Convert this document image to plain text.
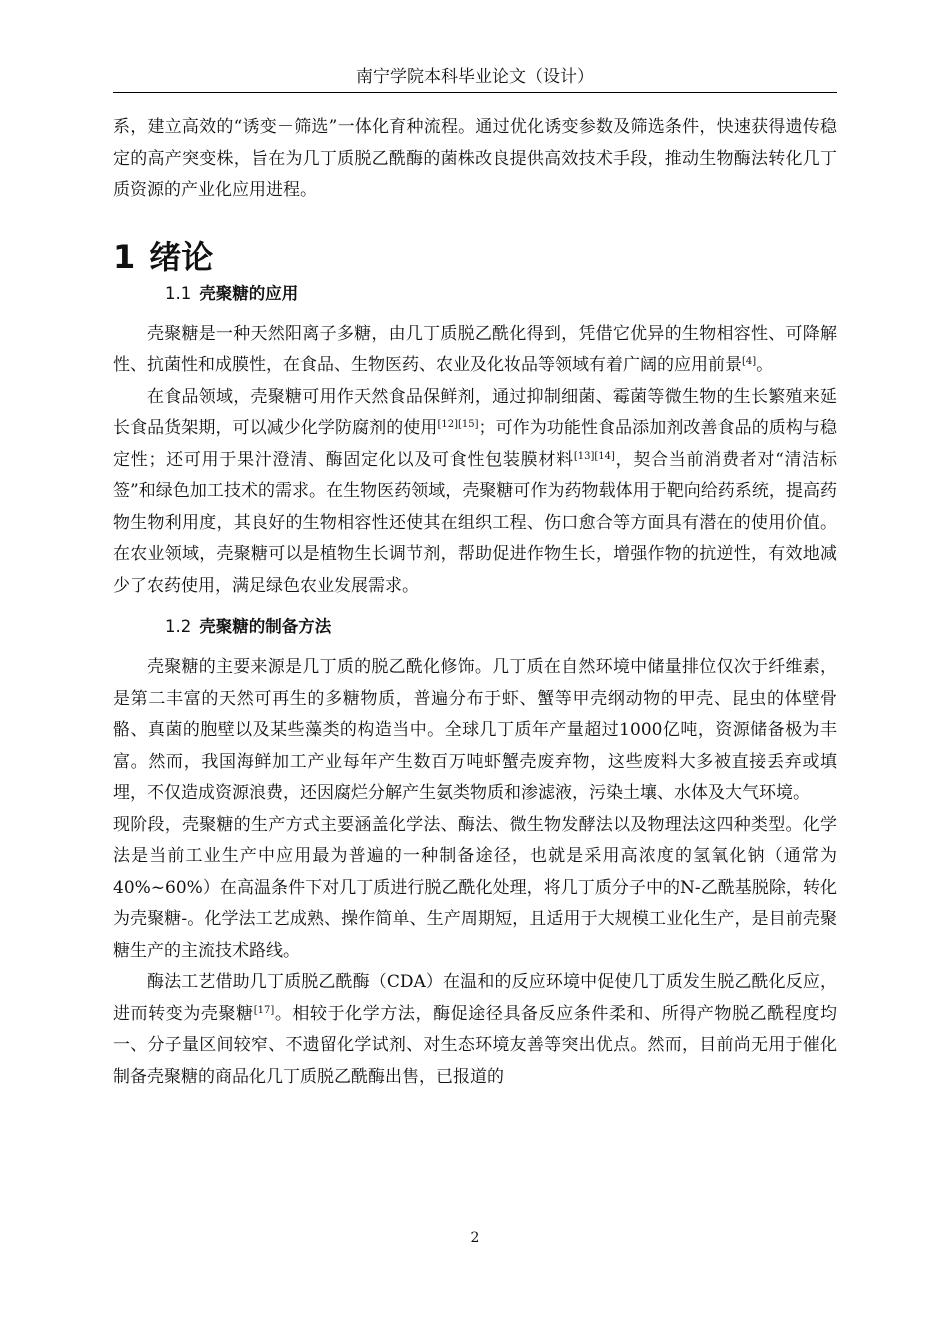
南宁学院本科毕业论文（设计）

系，建立高效的“诱变－筛选”一体化育种流程。通过优化诱变参数及筛选条件，快速获得遗传稳定的高产突变株，旨在为几丁质脱乙酰酶的菌株改良提供高效技术手段，推动生物酶法转化几丁质资源的产业化应用进程。

1 绪论
1.1 壳聚糖的应用

壳聚糖是一种天然阳离子多糖，由几丁质脱乙酰化得到，凭借它优异的生物相容性、可降解性、抗菌性和成膜性，在食品、生物医药、农业及化妆品等领域有着广阔的应用前景[4]。

在食品领域，壳聚糖可用作天然食品保鲜剂，通过抑制细菌、霉菌等微生物的生长繁殖来延长食品货架期，可以减少化学防腐剂的使用[12][15]；可作为功能性食品添加剂改善食品的质构与稳定性；还可用于果汁澄清、酶固定化以及可食性包装膜材料[13][14]，契合当前消费者对“清洁标签”和绿色加工技术的需求。在生物医药领域，壳聚糖可作为药物载体用于靶向给药系统，提高药物生物利用度，其良好的生物相容性还使其在组织工程、伤口愈合等方面具有潜在的使用价值。在农业领域，壳聚糖可以是植物生长调节剂，帮助促进作物生长，增强作物的抗逆性，有效地减少了农药使用，满足绿色农业发展需求。

1.2 壳聚糖的制备方法

壳聚糖的主要来源是几丁质的脱乙酰化修饰。几丁质在自然环境中储量排位仅次于纤维素，是第二丰富的天然可再生的多糖物质，普遍分布于虾、蟹等甲壳纲动物的甲壳、昆虫的体壁骨骼、真菌的胞壁以及某些藻类的构造当中。全球几丁质年产量超过1000亿吨，资源储备极为丰富。然而，我国海鲜加工产业每年产生数百万吨虾蟹壳废弃物，这些废料大多被直接丢弃或填埋，不仅造成资源浪费，还因腐烂分解产生氨类物质和渗滤液，污染土壤、水体及大气环境。

现阶段，壳聚糖的生产方式主要涵盖化学法、酶法、微生物发酵法以及物理法这四种类型。化学法是当前工业生产中应用最为普遍的一种制备途径，也就是采用高浓度的氢氧化钠（通常为40%~60%）在高温条件下对几丁质进行脱乙酰化处理，将几丁质分子中的N-乙酰基脱除，转化为壳聚糖-。化学法工艺成熟、操作简单、生产周期短，且适用于大规模工业化生产，是目前壳聚糖生产的主流技术路线。

酶法工艺借助几丁质脱乙酰酶（CDA）在温和的反应环境中促使几丁质发生脱乙酰化反应，进而转变为壳聚糖[17]。相较于化学方法，酶促途径具备反应条件柔和、所得产物脱乙酰程度均一、分子量区间较窄、不遗留化学试剂、对生态环境友善等突出优点。然而，目前尚无用于催化制备壳聚糖的商品化几丁质脱乙酰酶出售，已报道的

2
